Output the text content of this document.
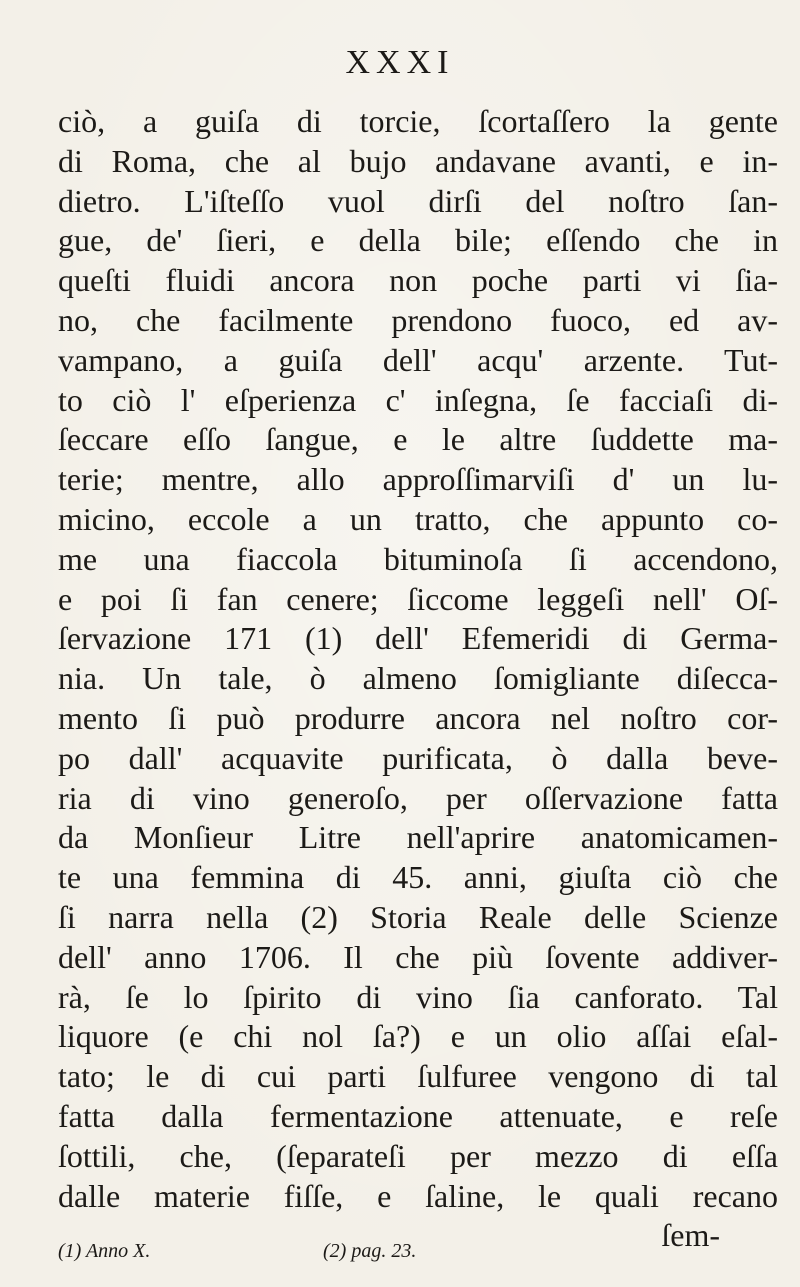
XXXI
ciò, a guiſa di torcie, ſcortaſſero la gente
di Roma, che al bujo andavane avanti, e in-
dietro. L'iſteſſo vuol dirſi del noſtro ſan-
gue, de' ſieri, e della bile; eſſendo che in
queſti fluidi ancora non poche parti vi ſia-
no, che facilmente prendono fuoco, ed av-
vampano, a guiſa dell' acqu' arzente. Tut-
to ciò l' eſperienza c' inſegna, ſe facciaſi di-
ſeccare eſſo ſangue, e le altre ſuddette ma-
terie; mentre, allo approſſimarviſi d' un lu-
micino, eccole a un tratto, che appunto co-
me una fiaccola bituminoſa ſi accendono,
e poi ſi fan cenere; ſiccome leggeſi nell' Oſ-
ſervazione 171 (1) dell' Efemeridi di Germa-
nia. Un tale, ò almeno ſomigliante diſecca-
mento ſi può produrre ancora nel noſtro cor-
po dall' acquavite purificata, ò dalla beve-
ria di vino generoſo, per oſſervazione fatta
da Monſieur Litre nell'aprire anatomicamen-
te una femmina di 45. anni, giuſta ciò che
ſi narra nella (2) Storia Reale delle Scienze
dell' anno 1706. Il che più ſovente addiver-
rà, ſe lo ſpirito di vino ſia canforato. Tal
liquore (e chi nol ſa?) e un olio aſſai eſal-
tato; le di cui parti ſulfuree vengono di tal
fatta dalla fermentazione attenuate, e reſe
ſottili, che, (ſeparateſi per mezzo di eſſa
dalle materie fiſſe, e ſaline, le quali recano
ſem-
(1) Anno X.	(2) pag. 23.
